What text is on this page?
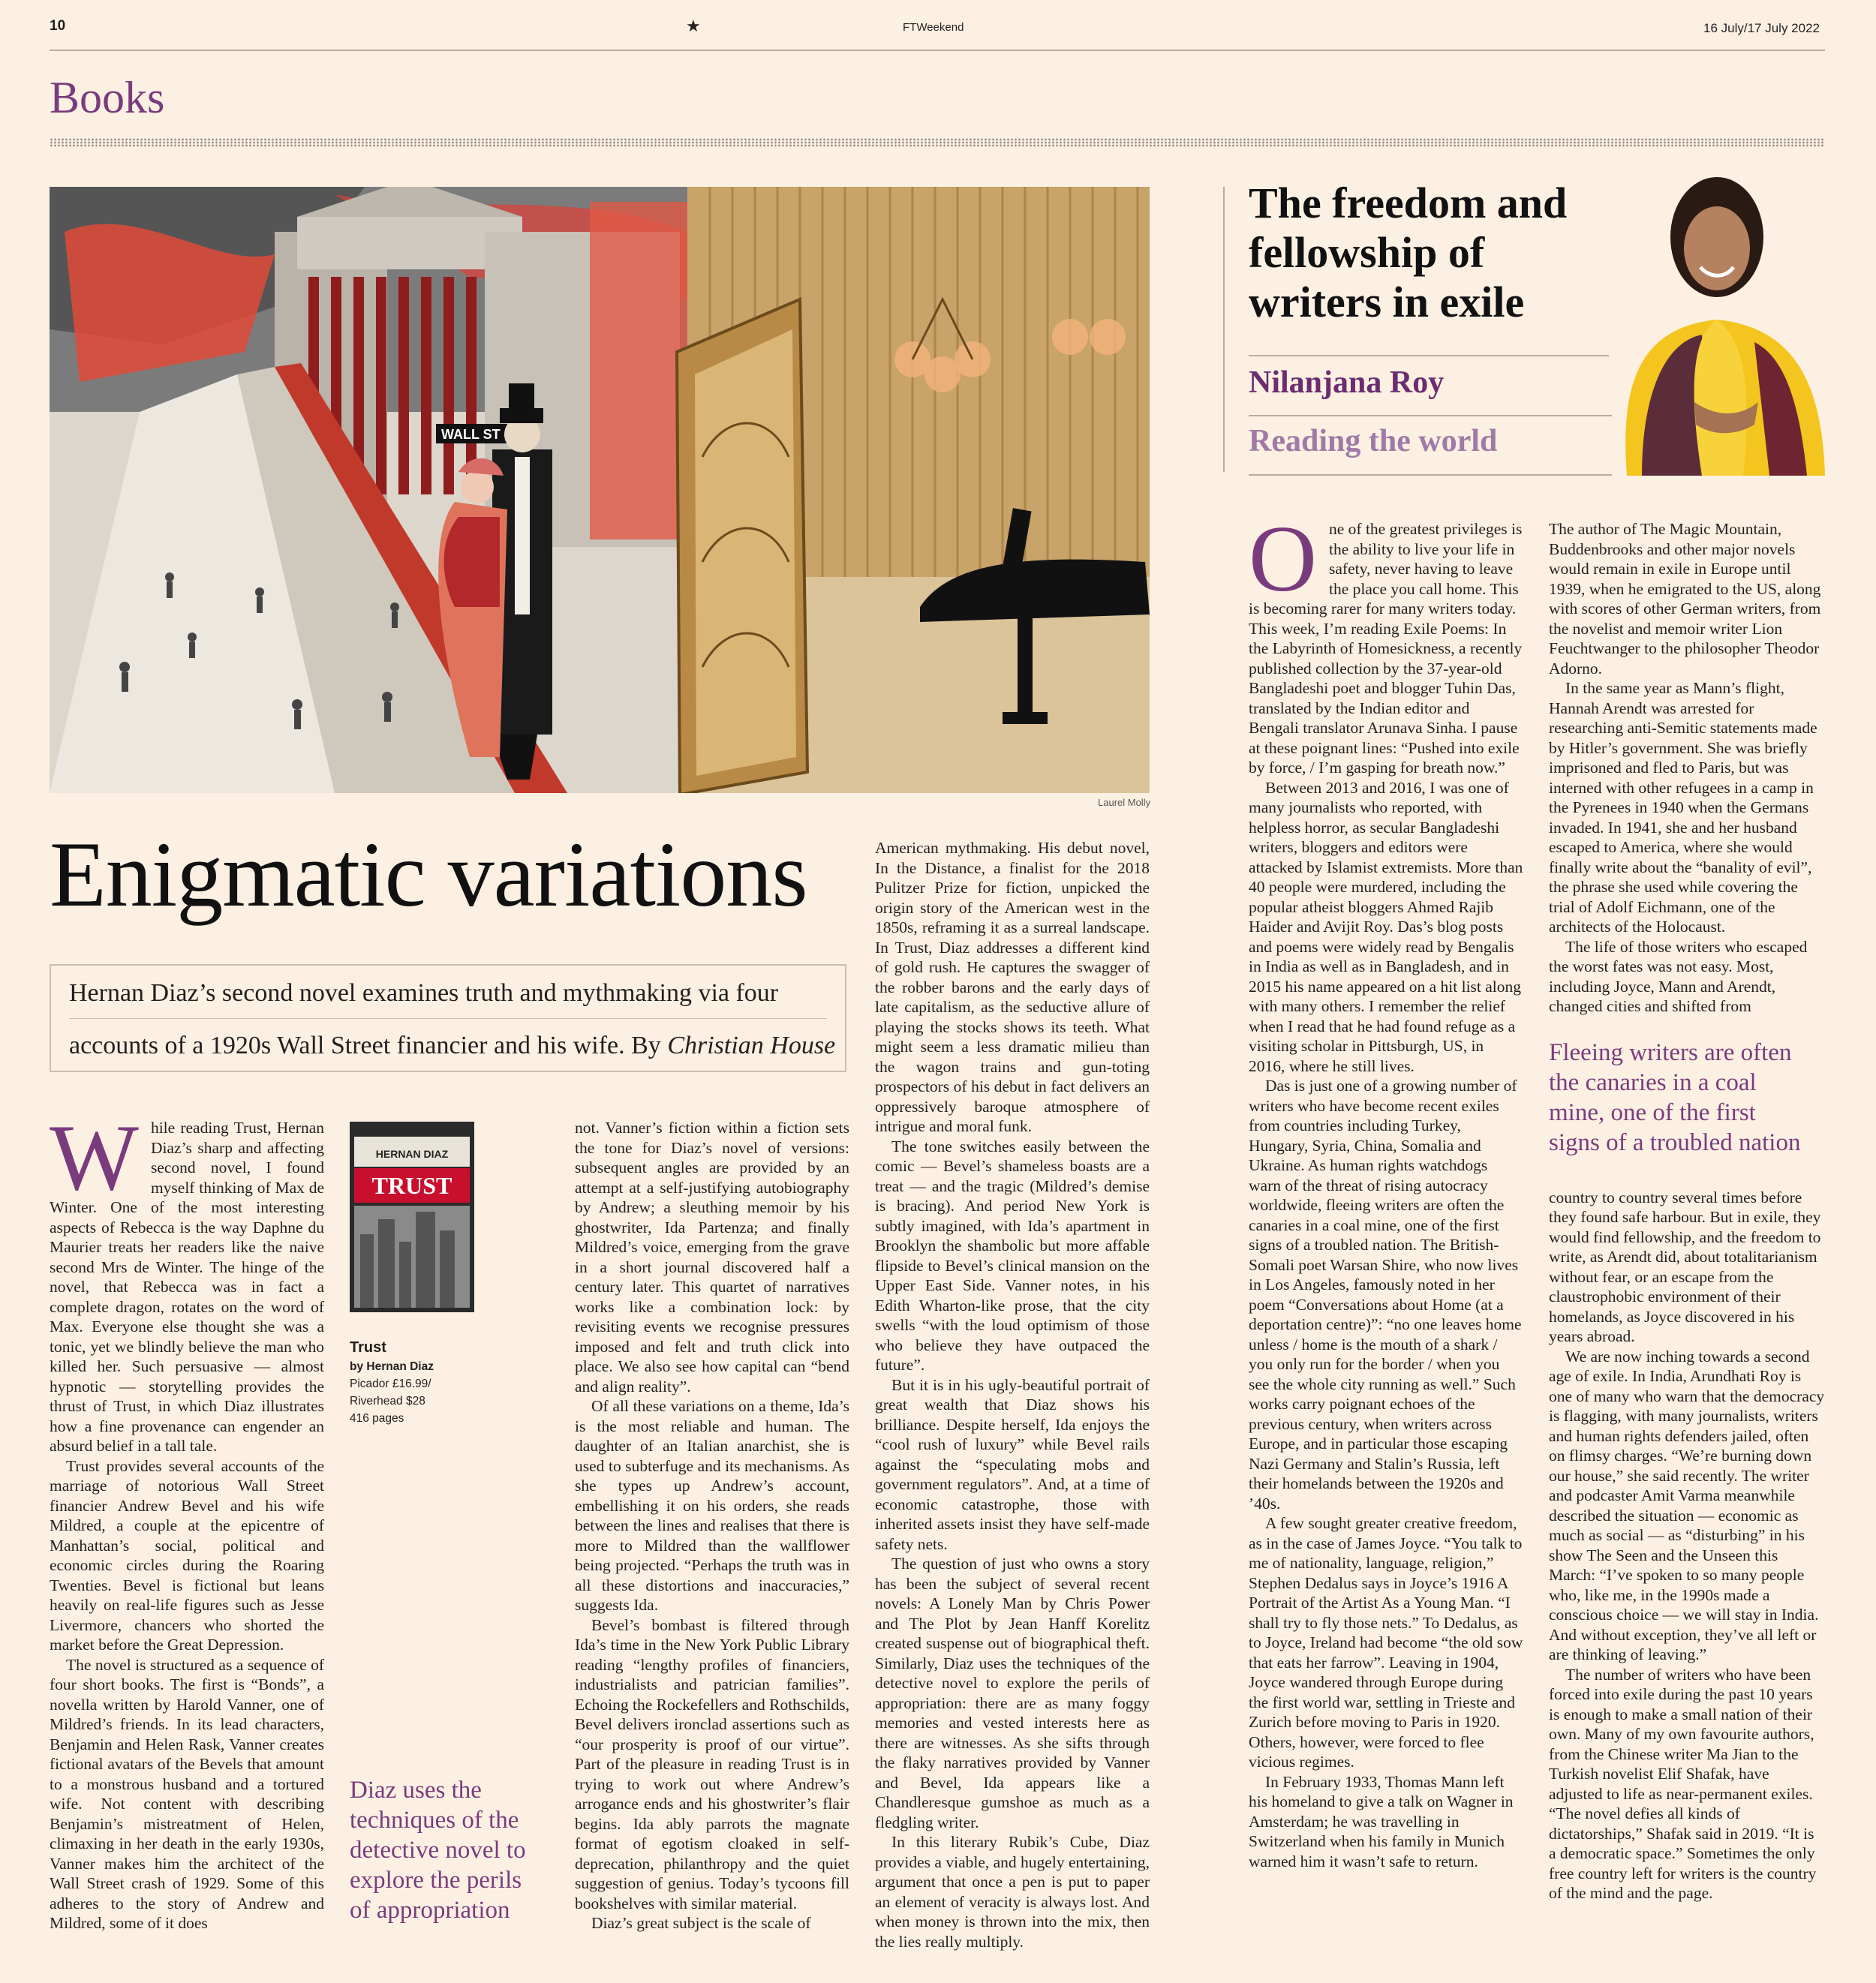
10	★	FTWeekend	16 July/17 July 2022
Books
WALL ST
Laurel Molly
Enigmatic variations
Hernan Diaz’s second novel examines truth and mythmaking via four
accounts of a 1920s Wall Street financier and his wife. By Christian House

While reading Trust, Hernan Diaz’s sharp and affecting second novel, I found myself thinking of Max de Winter. One of the most interesting aspects of Rebecca is the way Daphne du Maurier treats her readers like the naive second Mrs de Winter. The hinge of the novel, that Rebecca was in fact a complete dragon, rotates on the word of Max. Everyone else thought she was a tonic, yet we blindly believe the man who killed her. Such persuasive — almost hypnotic — storytelling provides the thrust of Trust, in which Diaz illustrates how a fine provenance can engender an absurd belief in a tall tale.

Trust provides several accounts of the marriage of notorious Wall Street financier Andrew Bevel and his wife Mildred, a couple at the epicentre of Manhattan’s social, political and economic circles during the Roaring Twenties. Bevel is fictional but leans heavily on real-life figures such as Jesse Livermore, chancers who shorted the market before the Great Depression.

The novel is structured as a sequence of four short books. The first is “Bonds”, a novella written by Harold Vanner, one of Mildred’s friends. In its lead characters, Benjamin and Helen Rask, Vanner creates fictional avatars of the Bevels that amount to a monstrous husband and a tortured wife. Not content with describing Benjamin’s mistreatment of Helen, climaxing in her death in the early 1930s, Vanner makes him the architect of the Wall Street crash of 1929. Some of this adheres to the story of Andrew and Mildred, some of it does

HERNAN DIAZ
TRUST
Trust
by Hernan Diaz
Picador £16.99/
Riverhead $28
416 pages
Diaz uses the techniques of the detective novel to explore the perils of appropriation

not. Vanner’s fiction within a fiction sets the tone for Diaz’s novel of versions: subsequent angles are provided by an attempt at a self-justifying autobiography by Andrew; a sleuthing memoir by his ghostwriter, Ida Partenza; and finally Mildred’s voice, emerging from the grave in a short journal discovered half a century later. This quartet of narratives works like a combination lock: by revisiting events we recognise pressures imposed and felt and truth click into place. We also see how capital can “bend and align reality”.

Of all these variations on a theme, Ida’s is the most reliable and human. The daughter of an Italian anarchist, she is used to subterfuge and its mechanisms. As she types up Andrew’s account, embellishing it on his orders, she reads between the lines and realises that there is more to Mildred than the wallflower being projected. “Perhaps the truth was in all these distortions and inaccuracies,” suggests Ida.

Bevel’s bombast is filtered through Ida’s time in the New York Public Library reading “lengthy profiles of financiers, industrialists and patrician families”. Echoing the Rockefellers and Rothschilds, Bevel delivers ironclad assertions such as “our prosperity is proof of our virtue”. Part of the pleasure in reading Trust is in trying to work out where Andrew’s arrogance ends and his ghostwriter’s flair begins. Ida ably parrots the magnate format of egotism cloaked in self-deprecation, philanthropy and the quiet suggestion of genius. Today’s tycoons fill bookshelves with similar material.

Diaz’s great subject is the scale of

American mythmaking. His debut novel, In the Distance, a finalist for the 2018 Pulitzer Prize for fiction, unpicked the origin story of the American west in the 1850s, reframing it as a surreal landscape. In Trust, Diaz addresses a different kind of gold rush. He captures the swagger of the robber barons and the early days of late capitalism, as the seductive allure of playing the stocks shows its teeth. What might seem a less dramatic milieu than the wagon trains and gun-toting prospectors of his debut in fact delivers an oppressively baroque atmosphere of intrigue and moral funk.

The tone switches easily between the comic — Bevel’s shameless boasts are a treat — and the tragic (Mildred’s demise is bracing). And period New York is subtly imagined, with Ida’s apartment in Brooklyn the shambolic but more affable flipside to Bevel’s clinical mansion on the Upper East Side. Vanner notes, in his Edith Wharton-like prose, that the city swells “with the loud optimism of those who believe they have outpaced the future”.

But it is in his ugly-beautiful portrait of great wealth that Diaz shows his brilliance. Despite herself, Ida enjoys the “cool rush of luxury” while Bevel rails against the “speculating mobs and government regulators”. And, at a time of economic catastrophe, those with inherited assets insist they have self-made safety nets.

The question of just who owns a story has been the subject of several recent novels: A Lonely Man by Chris Power and The Plot by Jean Hanff Korelitz created suspense out of biographical theft. Similarly, Diaz uses the techniques of the detective novel to explore the perils of appropriation: there are as many foggy memories and vested interests here as there are witnesses. As she sifts through the flaky narratives provided by Vanner and Bevel, Ida appears like a Chandleresque gumshoe as much as a fledgling writer.

In this literary Rubik’s Cube, Diaz provides a viable, and hugely entertaining, argument that once a pen is put to paper an element of veracity is always lost. And when money is thrown into the mix, then the lies really multiply.

The freedom and fellowship of writers in exile
Nilanjana Roy
Reading the world

One of the greatest privileges is the ability to live your life in safety, never having to leave the place you call home. This is becoming rarer for many writers today. This week, I’m reading Exile Poems: In the Labyrinth of Homesickness, a recently published collection by the 37-year-old Bangladeshi poet and blogger Tuhin Das, translated by the Indian editor and Bengali translator Arunava Sinha. I pause at these poignant lines: “Pushed into exile by force, / I’m gasping for breath now.”

Between 2013 and 2016, I was one of many journalists who reported, with helpless horror, as secular Bangladeshi writers, bloggers and editors were attacked by Islamist extremists. More than 40 people were murdered, including the popular atheist bloggers Ahmed Rajib Haider and Avijit Roy. Das’s blog posts and poems were widely read by Bengalis in India as well as in Bangladesh, and in 2015 his name appeared on a hit list along with many others. I remember the relief when I read that he had found refuge as a visiting scholar in Pittsburgh, US, in 2016, where he still lives.

Das is just one of a growing number of writers who have become recent exiles from countries including Turkey, Hungary, Syria, China, Somalia and Ukraine. As human rights watchdogs warn of the threat of rising autocracy worldwide, fleeing writers are often the canaries in a coal mine, one of the first signs of a troubled nation. The British-Somali poet Warsan Shire, who now lives in Los Angeles, famously noted in her poem “Conversations about Home (at a deportation centre)”: “no one leaves home unless / home is the mouth of a shark / you only run for the border / when you see the whole city running as well.” Such works carry poignant echoes of the previous century, when writers across Europe, and in particular those escaping Nazi Germany and Stalin’s Russia, left their homelands between the 1920s and ’40s.

A few sought greater creative freedom, as in the case of James Joyce. “You talk to me of nationality, language, religion,” Stephen Dedalus says in Joyce’s 1916 A Portrait of the Artist As a Young Man. “I shall try to fly those nets.” To Dedalus, as to Joyce, Ireland had become “the old sow that eats her farrow”. Leaving in 1904, Joyce wandered through Europe during the first world war, settling in Trieste and Zurich before moving to Paris in 1920. Others, however, were forced to flee vicious regimes.

In February 1933, Thomas Mann left his homeland to give a talk on Wagner in Amsterdam; he was travelling in Switzerland when his family in Munich warned him it wasn’t safe to return.

The author of The Magic Mountain, Buddenbrooks and other major novels would remain in exile in Europe until 1939, when he emigrated to the US, along with scores of other German writers, from the novelist and memoir writer Lion Feuchtwanger to the philosopher Theodor Adorno.

In the same year as Mann’s flight, Hannah Arendt was arrested for researching anti-Semitic statements made by Hitler’s government. She was briefly imprisoned and fled to Paris, but was interned with other refugees in a camp in the Pyrenees in 1940 when the Germans invaded. In 1941, she and her husband escaped to America, where she would finally write about the “banality of evil”, the phrase she used while covering the trial of Adolf Eichmann, one of the architects of the Holocaust.

The life of those writers who escaped the worst fates was not easy. Most, including Joyce, Mann and Arendt, changed cities and shifted from

Fleeing writers are often the canaries in a coal mine, one of the first signs of a troubled nation

country to country several times before they found safe harbour. But in exile, they would find fellowship, and the freedom to write, as Arendt did, about totalitarianism without fear, or an escape from the claustrophobic environment of their homelands, as Joyce discovered in his years abroad.

We are now inching towards a second age of exile. In India, Arundhati Roy is one of many who warn that the democracy is flagging, with many journalists, writers and human rights defenders jailed, often on flimsy charges. “We’re burning down our house,” she said recently. The writer and podcaster Amit Varma meanwhile described the situation — economic as much as social — as “disturbing” in his show The Seen and the Unseen this March: “I’ve spoken to so many people who, like me, in the 1990s made a conscious choice — we will stay in India. And without exception, they’ve all left or are thinking of leaving.”

The number of writers who have been forced into exile during the past 10 years is enough to make a small nation of their own. Many of my own favourite authors, from the Chinese writer Ma Jian to the Turkish novelist Elif Shafak, have adjusted to life as near-permanent exiles. “The novel defies all kinds of dictatorships,” Shafak said in 2019. “It is a democratic space.” Sometimes the only free country left for writers is the country of the mind and the page.
